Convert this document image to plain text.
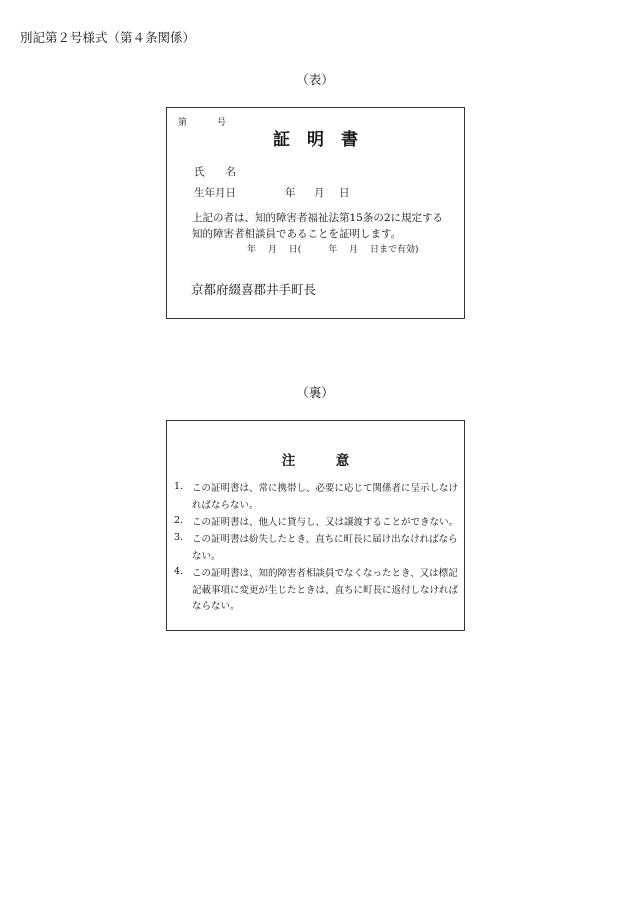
別記第２号様式（第４条関係）
（表）
第	号
証　明　書
氏　　名
生年月日	年 月 日
上記の者は、知的障害者福祉法第15条の2に規定する
知的障害者相談員であることを証明します。
年　 月　 日(　　　年　 月　 日まで有効)
京都府綴喜郡井手町長
（裏）
注　　　意
1. この証明書は、常に携帯し、必要に応じて関係者に呈示しなければならない。
2. この証明書は、他人に貸与し、又は譲渡することができない。
3. この証明書は紛失したとき、直ちに町長に届け出なければならない。
4. この証明書は、知的障害者相談員でなくなったとき、又は標記記載事項に変更が生じたときは、直ちに町長に返付しなければならない。
